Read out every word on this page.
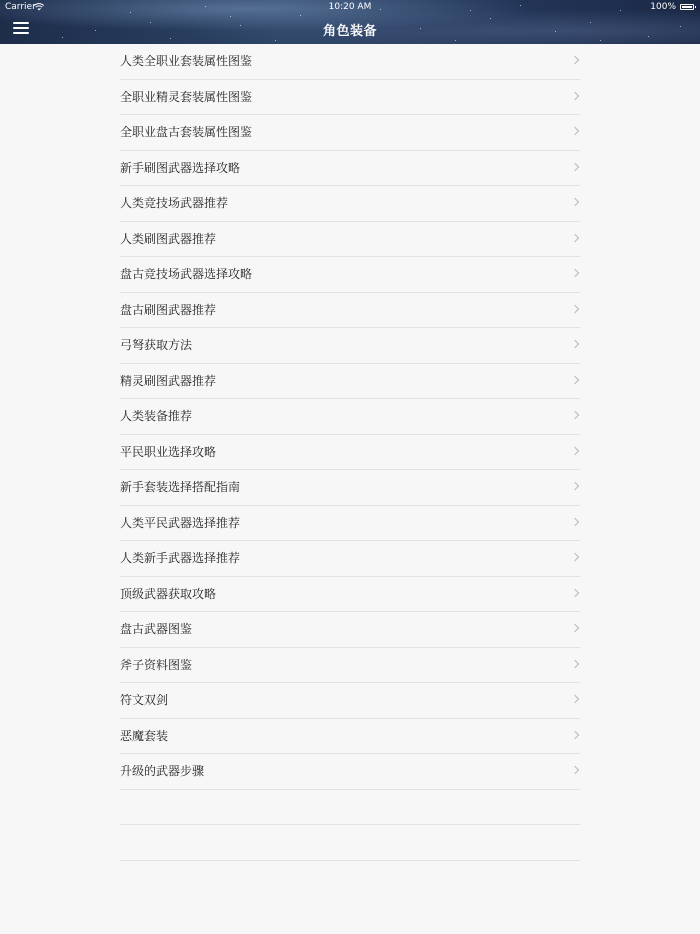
Carrier	10:20 AM	100%
角色装备
人类全职业套装属性图鉴
全职业精灵套装属性图鉴
全职业盘古套装属性图鉴
新手刷图武器选择攻略
人类竞技场武器推荐
人类刷图武器推荐
盘古竞技场武器选择攻略
盘古刷图武器推荐
弓弩获取方法
精灵刷图武器推荐
人类装备推荐
平民职业选择攻略
新手套装选择搭配指南
人类平民武器选择推荐
人类新手武器选择推荐
顶级武器获取攻略
盘古武器图鉴
斧子资料图鉴
符文双剑
恶魔套装
升级的武器步骤
